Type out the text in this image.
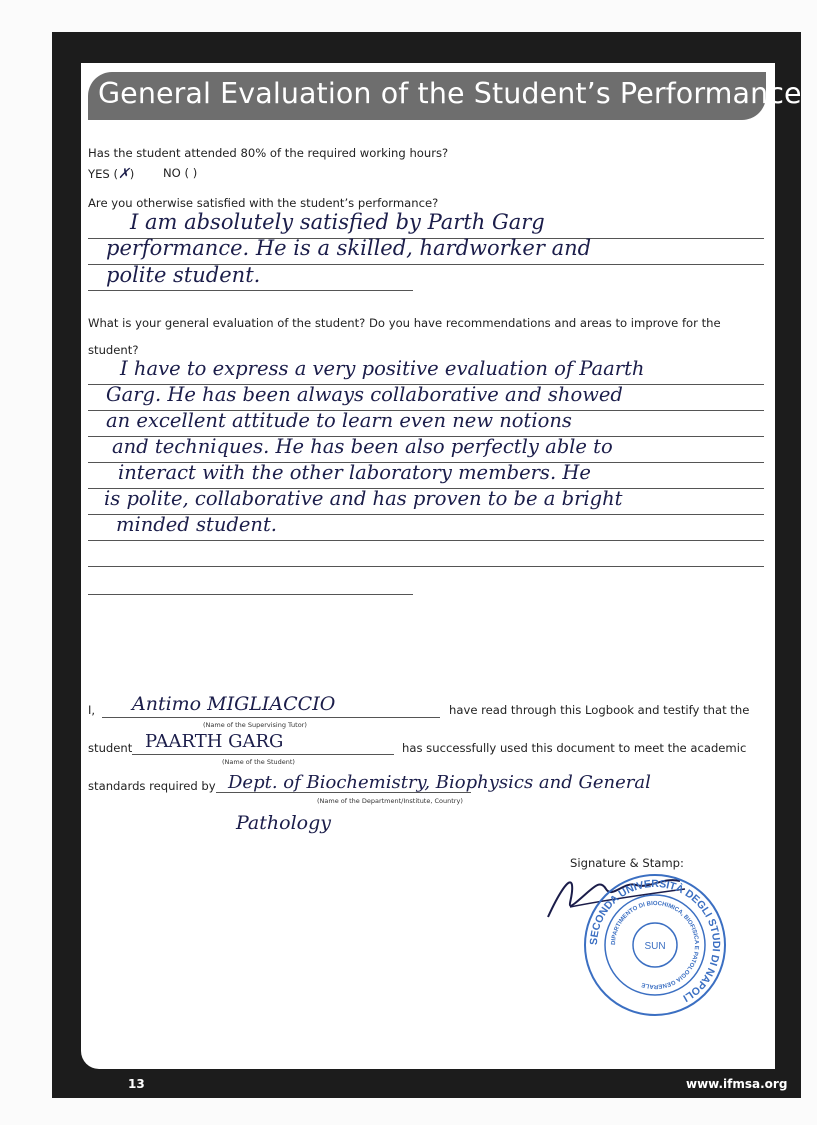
General Evaluation of the Student’s Performance
Has the student attended 80% of the required working hours?
YES (✗) NO ( )
Are you otherwise satisfied with the student’s performance?
I am absolutely satisfied by Parth Garg
performance. He is a skilled, hardworker and
polite student.
What is your general evaluation of the student? Do you have recommendations and areas to improve for the
student?
I have to express a very positive evaluation of Paarth
Garg. He has been always collaborative and showed
an excellent attitude to learn even new notions
and techniques. He has been also perfectly able to
interact with the other laboratory members. He
is polite, collaborative and has proven to be a bright
minded student.
I, Antimo MIGLIACCIO
(Name of the Supervising Tutor)
have read through this Logbook and testify that the
student PAARTH GARG
(Name of the Student)
has successfully used this document to meet the academic
standards required by Dept. of Biochemistry, Biophysics and General
Pathology
(Name of the Department/Institute, Country)
Signature & Stamp:
SECONDA UNIVERSITÀ DEGLI STUDI DI NAPOLI
DIPARTIMENTO DI BIOCHIMICA, BIOFISICA E PATOLOGIA GENERALE
SUN
13	www.ifmsa.org
